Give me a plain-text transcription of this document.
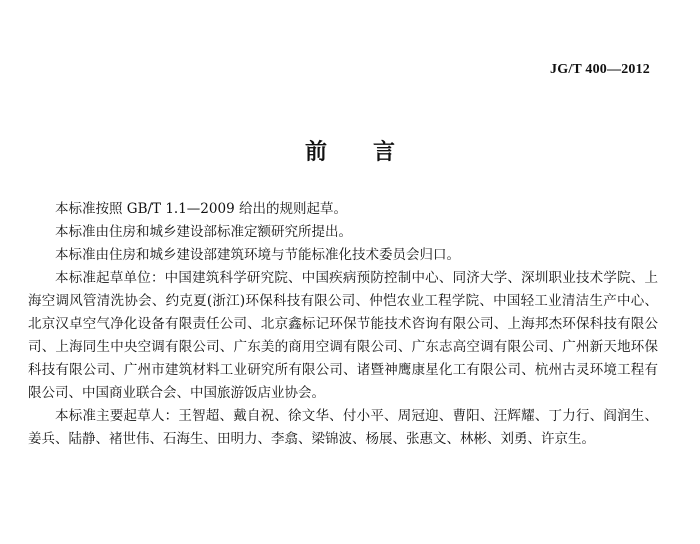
JG/T 400—2012
前言

本标准按照 GB/T 1.1—2009 给出的规则起草。

本标准由住房和城乡建设部标准定额研究所提出。

本标准由住房和城乡建设部建筑环境与节能标准化技术委员会归口。

本标准起草单位：中国建筑科学研究院、中国疾病预防控制中心、同济大学、深圳职业技术学院、上海空调风管清洗协会、约克夏(浙江)环保科技有限公司、仲恺农业工程学院、中国轻工业清洁生产中心、北京汉卓空气净化设备有限责任公司、北京鑫标记环保节能技术咨询有限公司、上海邦杰环保科技有限公司、上海同生中央空调有限公司、广东美的商用空调有限公司、广东志高空调有限公司、广州新天地环保科技有限公司、广州市建筑材料工业研究所有限公司、诸暨神鹰康星化工有限公司、杭州古灵环境工程有限公司、中国商业联合会、中国旅游饭店业协会。

本标准主要起草人：王智超、戴自祝、徐文华、付小平、周冠迎、曹阳、汪辉耀、丁力行、阎润生、姜兵、陆静、褚世伟、石海生、田明力、李翕、梁锦波、杨展、张惠文、林彬、刘勇、许京生。
